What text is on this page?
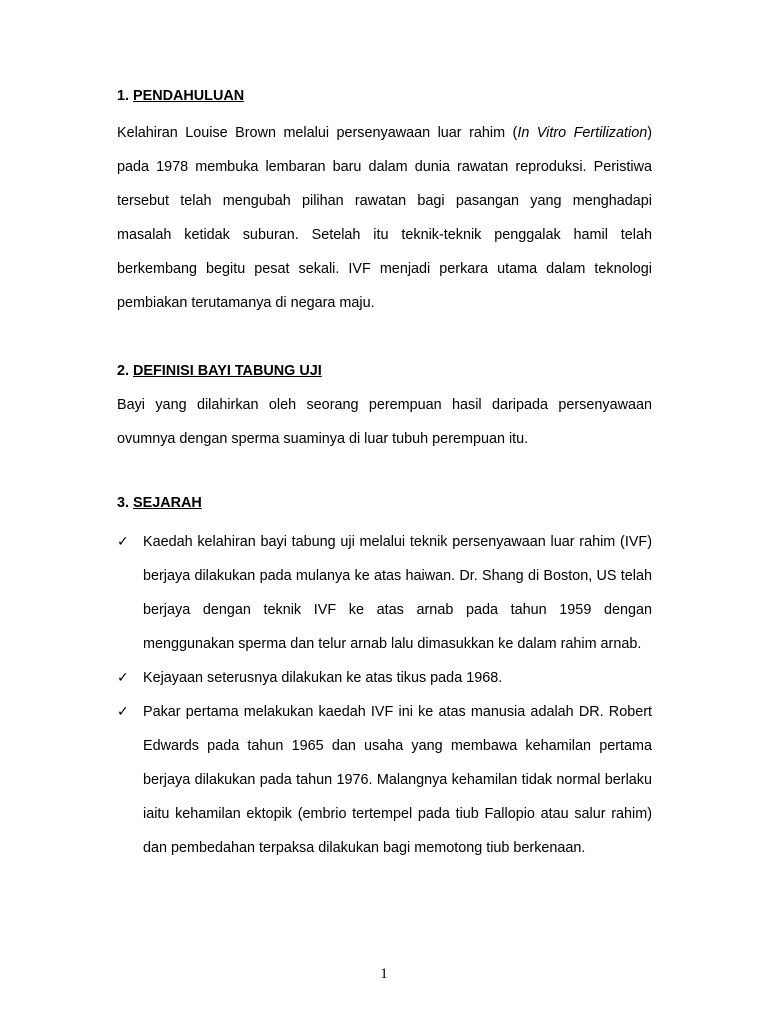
1. PENDAHULUAN

Kelahiran Louise Brown melalui persenyawaan luar rahim (In Vitro Fertilization) pada 1978 membuka lembaran baru dalam dunia rawatan reproduksi. Peristiwa tersebut telah mengubah pilihan rawatan bagi pasangan yang menghadapi masalah ketidak suburan. Setelah itu teknik-teknik penggalak hamil telah berkembang begitu pesat sekali. IVF menjadi perkara utama dalam teknologi pembiakan terutamanya di negara maju.

2. DEFINISI BAYI TABUNG UJI

Bayi yang dilahirkan oleh seorang perempuan hasil daripada persenyawaan ovumnya dengan sperma suaminya di luar tubuh perempuan itu.

3. SEJARAH

✓ Kaedah kelahiran bayi tabung uji melalui teknik persenyawaan luar rahim (IVF) berjaya dilakukan pada mulanya ke atas haiwan. Dr. Shang di Boston, US telah berjaya dengan teknik IVF ke atas arnab pada tahun 1959 dengan menggunakan sperma dan telur arnab lalu dimasukkan ke dalam rahim arnab.
✓ Kejayaan seterusnya dilakukan ke atas tikus pada 1968.
✓ Pakar pertama melakukan kaedah IVF ini ke atas manusia adalah DR. Robert Edwards pada tahun 1965 dan usaha yang membawa kehamilan pertama berjaya dilakukan pada tahun 1976. Malangnya kehamilan tidak normal berlaku iaitu kehamilan ektopik (embrio tertempel pada tiub Fallopio atau salur rahim) dan pembedahan terpaksa dilakukan bagi memotong tiub berkenaan.
1
